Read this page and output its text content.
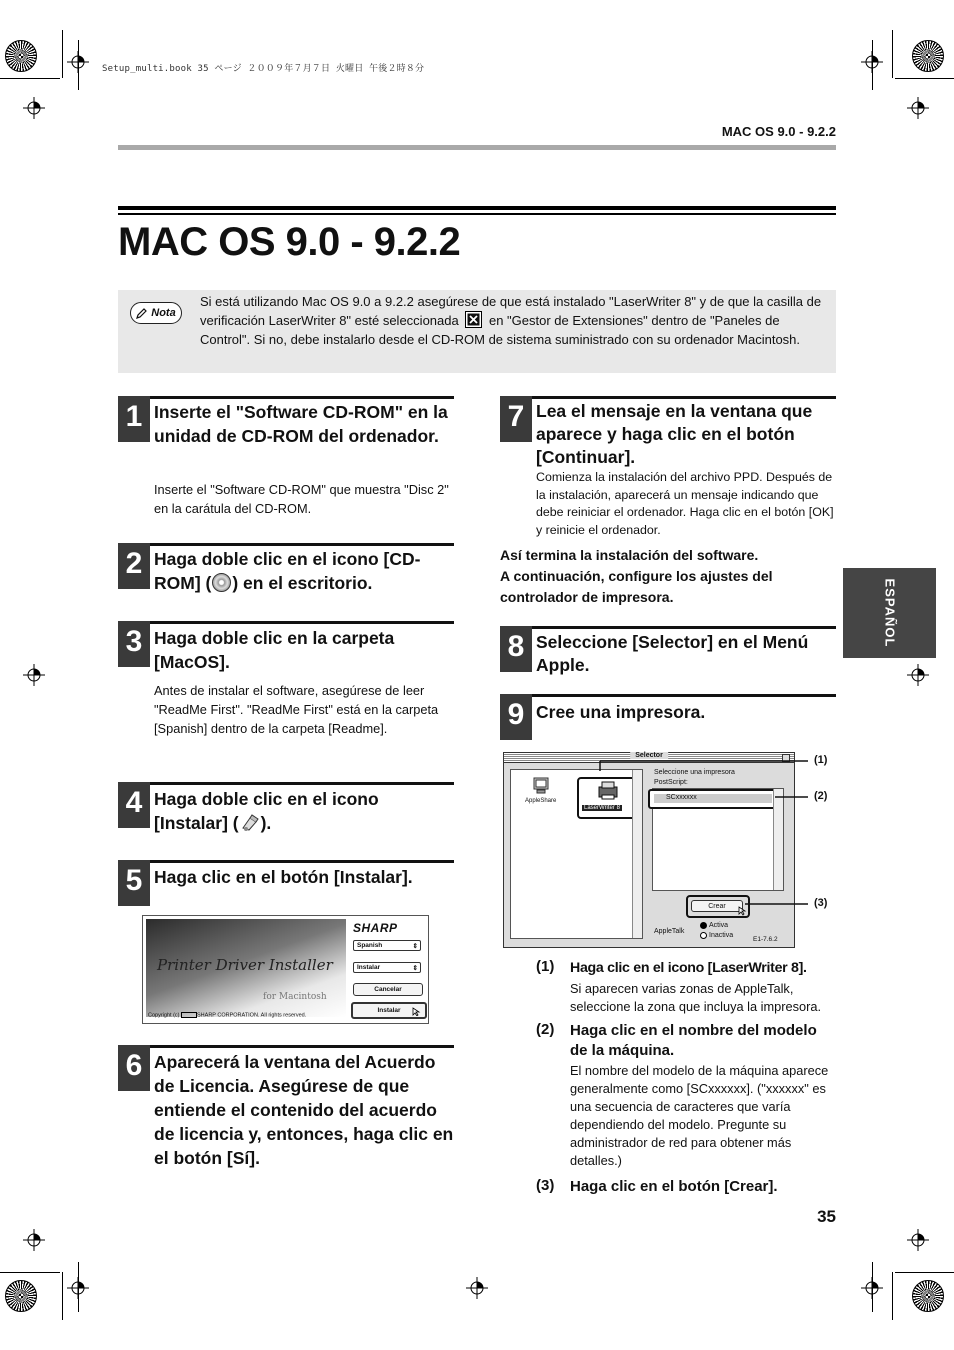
Setup_multi.book 35 ページ ２００９年７月７日 火曜日 午後２時８分
MAC OS 9.0 - 9.2.2
MAC OS 9.0 - 9.2.2
Nota
Si está utilizando Mac OS 9.0 a 9.2.2 asegúrese de que está instalado "LaserWriter 8" y de que la casilla de verificación LaserWriter 8" esté seleccionada en "Gestor de Extensiones" dentro de "Paneles de Control". Si no, debe instalarlo desde el CD-ROM de sistema suministrado con su ordenador Macintosh.
1 Inserte el "Software CD-ROM" en la unidad de CD-ROM del ordenador.
Inserte el "Software CD-ROM" que muestra "Disc 2" en la carátula del CD-ROM.
2 Haga doble clic en el icono [CD-ROM] ( ) en el escritorio.
3 Haga doble clic en la carpeta [MacOS].
Antes de instalar el software, asegúrese de leer "ReadMe First". "ReadMe First" está en la carpeta [Spanish] dentro de la carpeta [Readme].
4 Haga doble clic en el icono [Instalar] ( ).
5 Haga clic en el botón [Instalar].
Printer Driver Installer
for Macintosh
SHARP
Spanish	⇕
Instalar	⇕
Cancelar
Instalar
Copyright (c)	SHARP CORPORATION. All rights reserved.
6 Aparecerá la ventana del Acuerdo de Licencia. Asegúrese de que entiende el contenido del acuerdo de licencia y, entonces, haga clic en el botón [Sí].
7 Lea el mensaje en la ventana que aparece y haga clic en el botón [Continuar].
Comienza la instalación del archivo PPD. Después de la instalación, aparecerá un mensaje indicando que debe reiniciar el ordenador. Haga clic en el botón [OK] y reinicie el ordenador.
Así termina la instalación del software.
A continuación, configure los ajustes del controlador de impresora.	ESPAÑOL
8 Seleccione [Selector] en el Menú Apple.
9 Cree una impresora.
Selector
AppleShare
LaserWriter 8
Seleccione una impresora
PostScript:
SCxxxxxx
Crear
AppleTalk
Activa
Inactiva
E1-7.6.2
(1)
(2)
(3)
(1) Haga clic en el icono [LaserWriter 8].
Si aparecen varias zonas de AppleTalk, seleccione la zona que incluya la impresora.
(2) Haga clic en el nombre del modelo de la máquina.
El nombre del modelo de la máquina aparece generalmente como [SCxxxxxx]. ("xxxxxx" es una secuencia de caracteres que varía dependiendo del modelo. Pregunte su administrador de red para obtener más detalles.)
(3) Haga clic en el botón [Crear].
35
